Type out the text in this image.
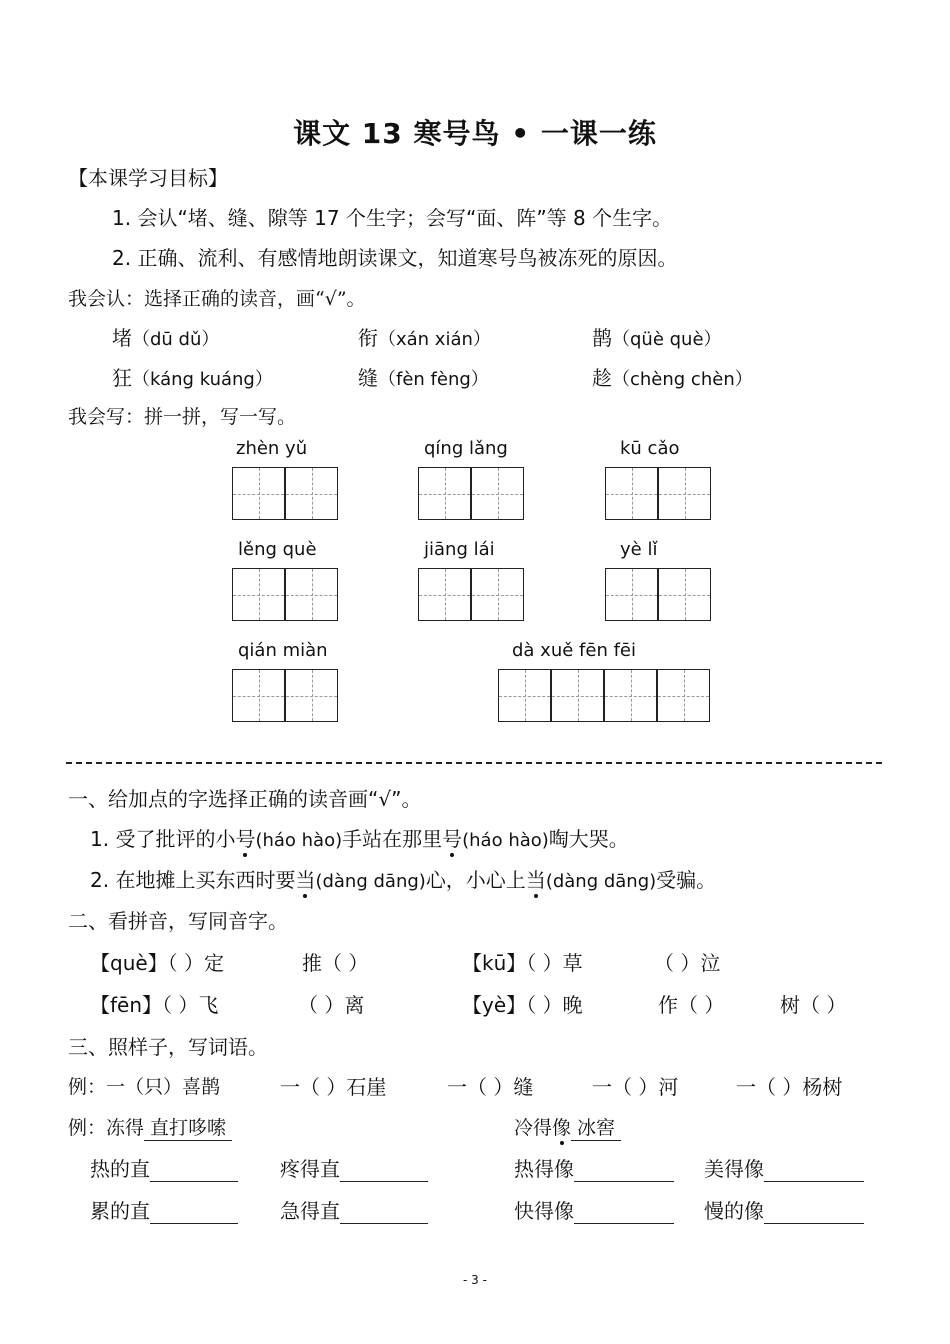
课文 13 寒号鸟 • 一课一练
【本课学习目标】
1. 会认“堵、缝、隙等 17 个生字；会写“面、阵”等 8 个生字。
2. 正确、流利、有感情地朗读课文，知道寒号鸟被冻死的原因。
我会认：选择正确的读音，画“√”。
堵（dū dǔ）	衔（xán xián）	鹊（qüè què）
狂（káng kuáng）	缝（fèn fèng）	趁（chèng chèn）
我会写：拼一拼，写一写。
zhèn yǔ	qíng lǎng	kū cǎo
lěng què	jiāng lái	yè lǐ
qián miàn	dà xuě fēn fēi
一、给加点的字选择正确的读音画“√”。
1. 受了批评的小号(háo hào)手站在那里号(háo hào)啕大哭。
2. 在地摊上买东西时要当(dàng dāng)心，小心上当(dàng dāng)受骗。
二、看拼音，写同音字。
【què】（ ）定	推（ ）	【kū】（ ）草	（ ）泣
【fēn】（ ）飞	（ ）离	【yè】（ ）晚	作（ ）	树（ ）
三、照样子，写词语。
例：一（只）喜鹊	一（ ）石崖	一（ ）缝	一（ ）河	一（ ）杨树
例：冻得 直打哆嗦	冷得像 冰窖
热的直	疼得直	热得像	美得像
累的直	急得直	快得像	慢的像
- 3 -
